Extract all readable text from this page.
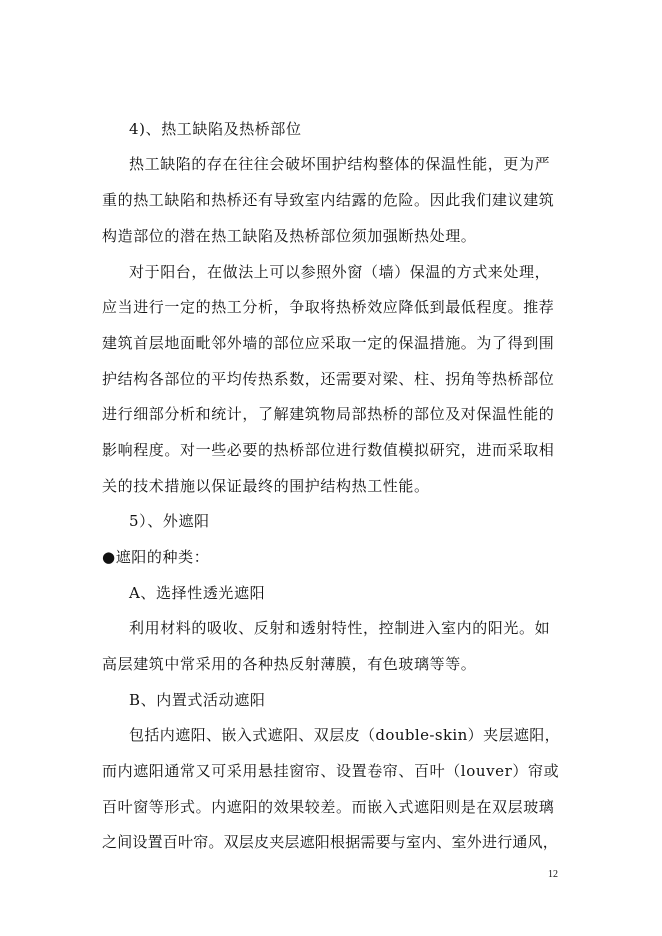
4)、热工缺陷及热桥部位
热工缺陷的存在往往会破坏围护结构整体的保温性能，更为严
重的热工缺陷和热桥还有导致室内结露的危险。因此我们建议建筑
构造部位的潜在热工缺陷及热桥部位须加强断热处理。
对于阳台，在做法上可以参照外窗（墙）保温的方式来处理，
应当进行一定的热工分析，争取将热桥效应降低到最低程度。推荐
建筑首层地面毗邻外墙的部位应采取一定的保温措施。为了得到围
护结构各部位的平均传热系数，还需要对梁、柱、拐角等热桥部位
进行细部分析和统计，了解建筑物局部热桥的部位及对保温性能的
影响程度。对一些必要的热桥部位进行数值模拟研究，进而采取相
关的技术措施以保证最终的围护结构热工性能。
5）、外遮阳
●遮阳的种类：
A、选择性透光遮阳
利用材料的吸收、反射和透射特性，控制进入室内的阳光。如
高层建筑中常采用的各种热反射薄膜，有色玻璃等等。
B、内置式活动遮阳
包括内遮阳、嵌入式遮阳、双层皮（double-skin）夹层遮阳，
而内遮阳通常又可采用悬挂窗帘、设置卷帘、百叶（louver）帘或
百叶窗等形式。内遮阳的效果较差。而嵌入式遮阳则是在双层玻璃
之间设置百叶帘。双层皮夹层遮阳根据需要与室内、室外进行通风，
12
